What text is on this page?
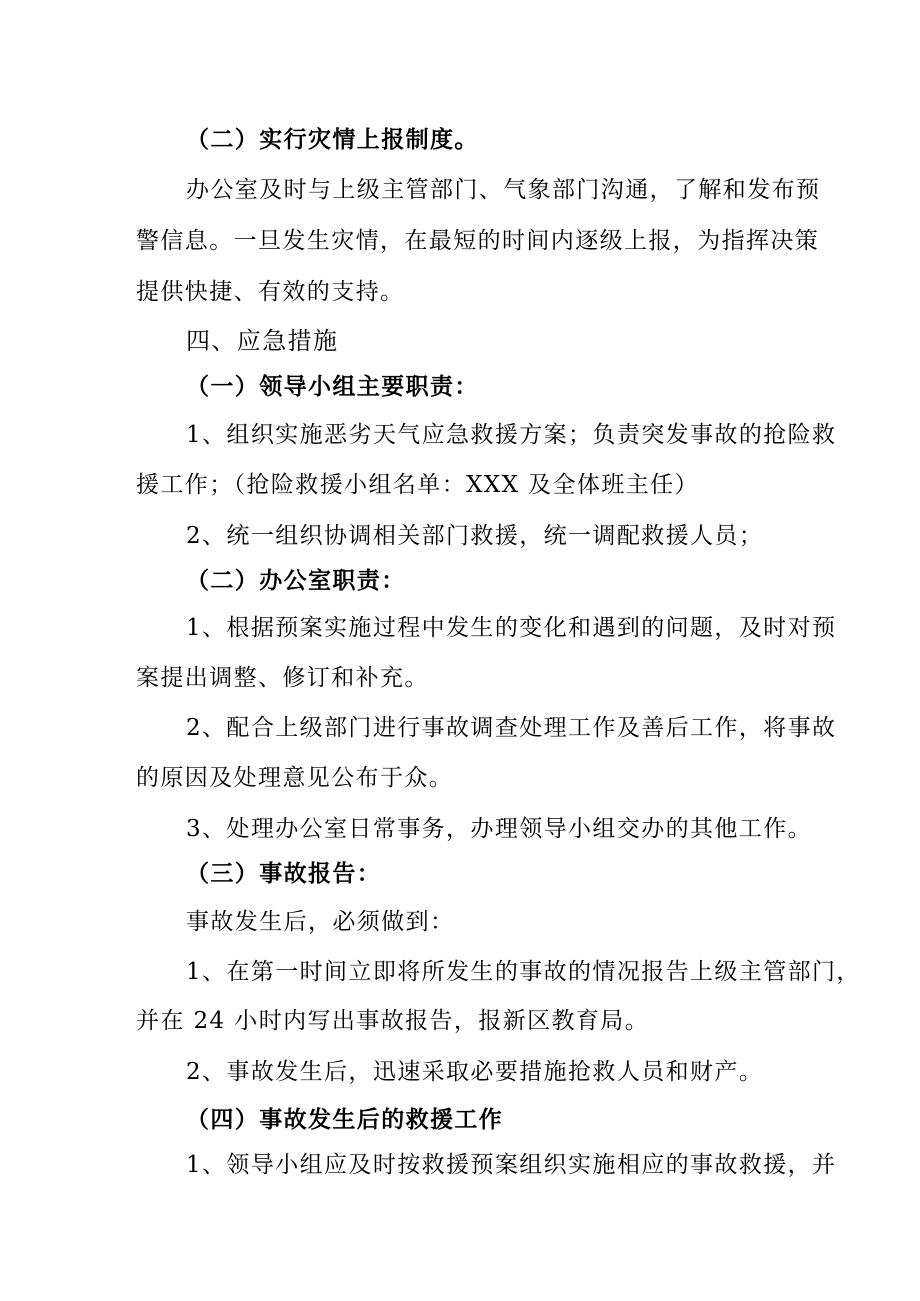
（二）实行灾情上报制度。
办公室及时与上级主管部门、气象部门沟通，了解和发布预
警信息。一旦发生灾情，在最短的时间内逐级上报，为指挥决策
提供快捷、有效的支持。
四、应急措施
（一）领导小组主要职责：
1、组织实施恶劣天气应急救援方案；负责突发事故的抢险救
援工作；（抢险救援小组名单：XXX 及全体班主任）
2、统一组织协调相关部门救援，统一调配救援人员；
（二）办公室职责：
1、根据预案实施过程中发生的变化和遇到的问题，及时对预
案提出调整、修订和补充。
2、配合上级部门进行事故调查处理工作及善后工作，将事故
的原因及处理意见公布于众。
3、处理办公室日常事务，办理领导小组交办的其他工作。
（三）事故报告：
事故发生后，必须做到：
1、在第一时间立即将所发生的事故的情况报告上级主管部门，
并在 24 小时内写出事故报告，报新区教育局。
2、事故发生后，迅速采取必要措施抢救人员和财产。
（四）事故发生后的救援工作
1、领导小组应及时按救援预案组织实施相应的事故救援，并
